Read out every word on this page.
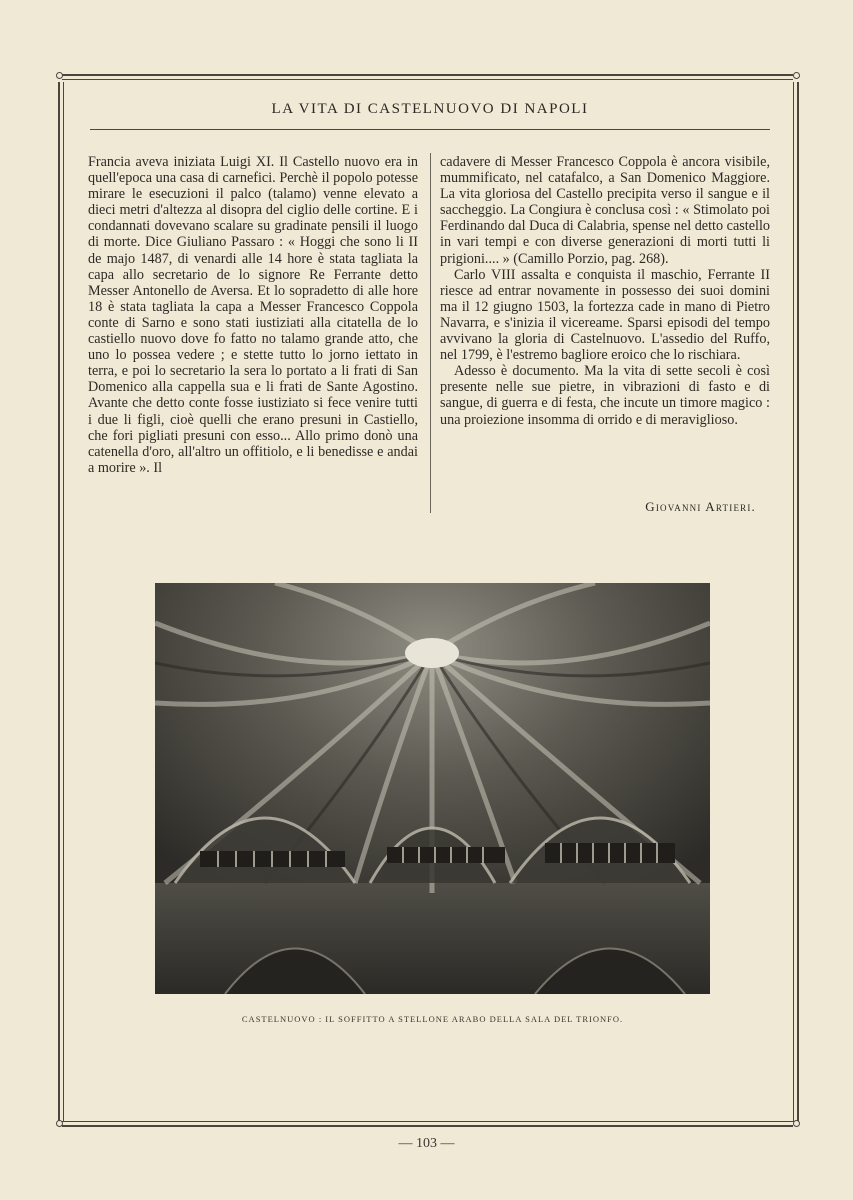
LA VITA DI CASTELNUOVO DI NAPOLI

Francia aveva iniziata Luigi XI. Il Castello nuovo era in quell'epoca una casa di carnefici. Perchè il popolo potesse mirare le esecuzioni il palco (talamo) venne elevato a dieci metri d'altezza al disopra del ciglio delle cortine. E i condannati dovevano scalare su gradinate pensili il luogo di morte. Dice Giuliano Passaro : « Hoggi che sono li II de majo 1487, di venardi alle 14 hore è stata tagliata la capa allo secretario de lo signore Re Ferrante detto Messer Antonello de Aversa. Et lo sopradetto di alle hore 18 è stata tagliata la capa a Messer Francesco Coppola conte di Sarno e sono stati iustiziati alla citatella de lo castiello nuovo dove fo fatto no talamo grande atto, che uno lo possea vedere ; e stette tutto lo jorno iettato in terra, e poi lo secretario la sera lo portato a li frati di San Domenico alla cappella sua e li frati de Sante Agostino. Avante che detto conte fosse iustiziato si fece venire tutti i due li figli, cioè quelli che erano presuni in Castiello, che fori pigliati presuni con esso... Allo primo donò una catenella d'oro, all'altro un offitiolo, e li benedisse e andai a morire ». Il

cadavere di Messer Francesco Coppola è ancora visibile, mummificato, nel catafalco, a San Domenico Maggiore. La vita gloriosa del Castello precipita verso il sangue e il saccheggio. La Congiura è conclusa così : « Stimolato poi Ferdinando dal Duca di Calabria, spense nel detto castello in vari tempi e con diverse generazioni di morti tutti li prigioni.... » (Camillo Porzio, pag. 268).

Carlo VIII assalta e conquista il maschio, Ferrante II riesce ad entrar novamente in possesso dei suoi domini ma il 12 giugno 1503, la fortezza cade in mano di Pietro Navarra, e s'inizia il vicereame. Sparsi episodi del tempo avvivano la gloria di Castelnuovo. L'assedio del Ruffo, nel 1799, è l'estremo bagliore eroico che lo rischiara.

Adesso è documento. Ma la vita di sette secoli è così presente nelle sue pietre, in vibrazioni di fasto e di sangue, di guerra e di festa, che incute un timore magico : una proiezione insomma di orrido e di meraviglioso.

Giovanni Artieri.
CASTELNUOVO : IL SOFFITTO A STELLONE ARABO DELLA SALA DEL TRIONFO.
— 103 —
